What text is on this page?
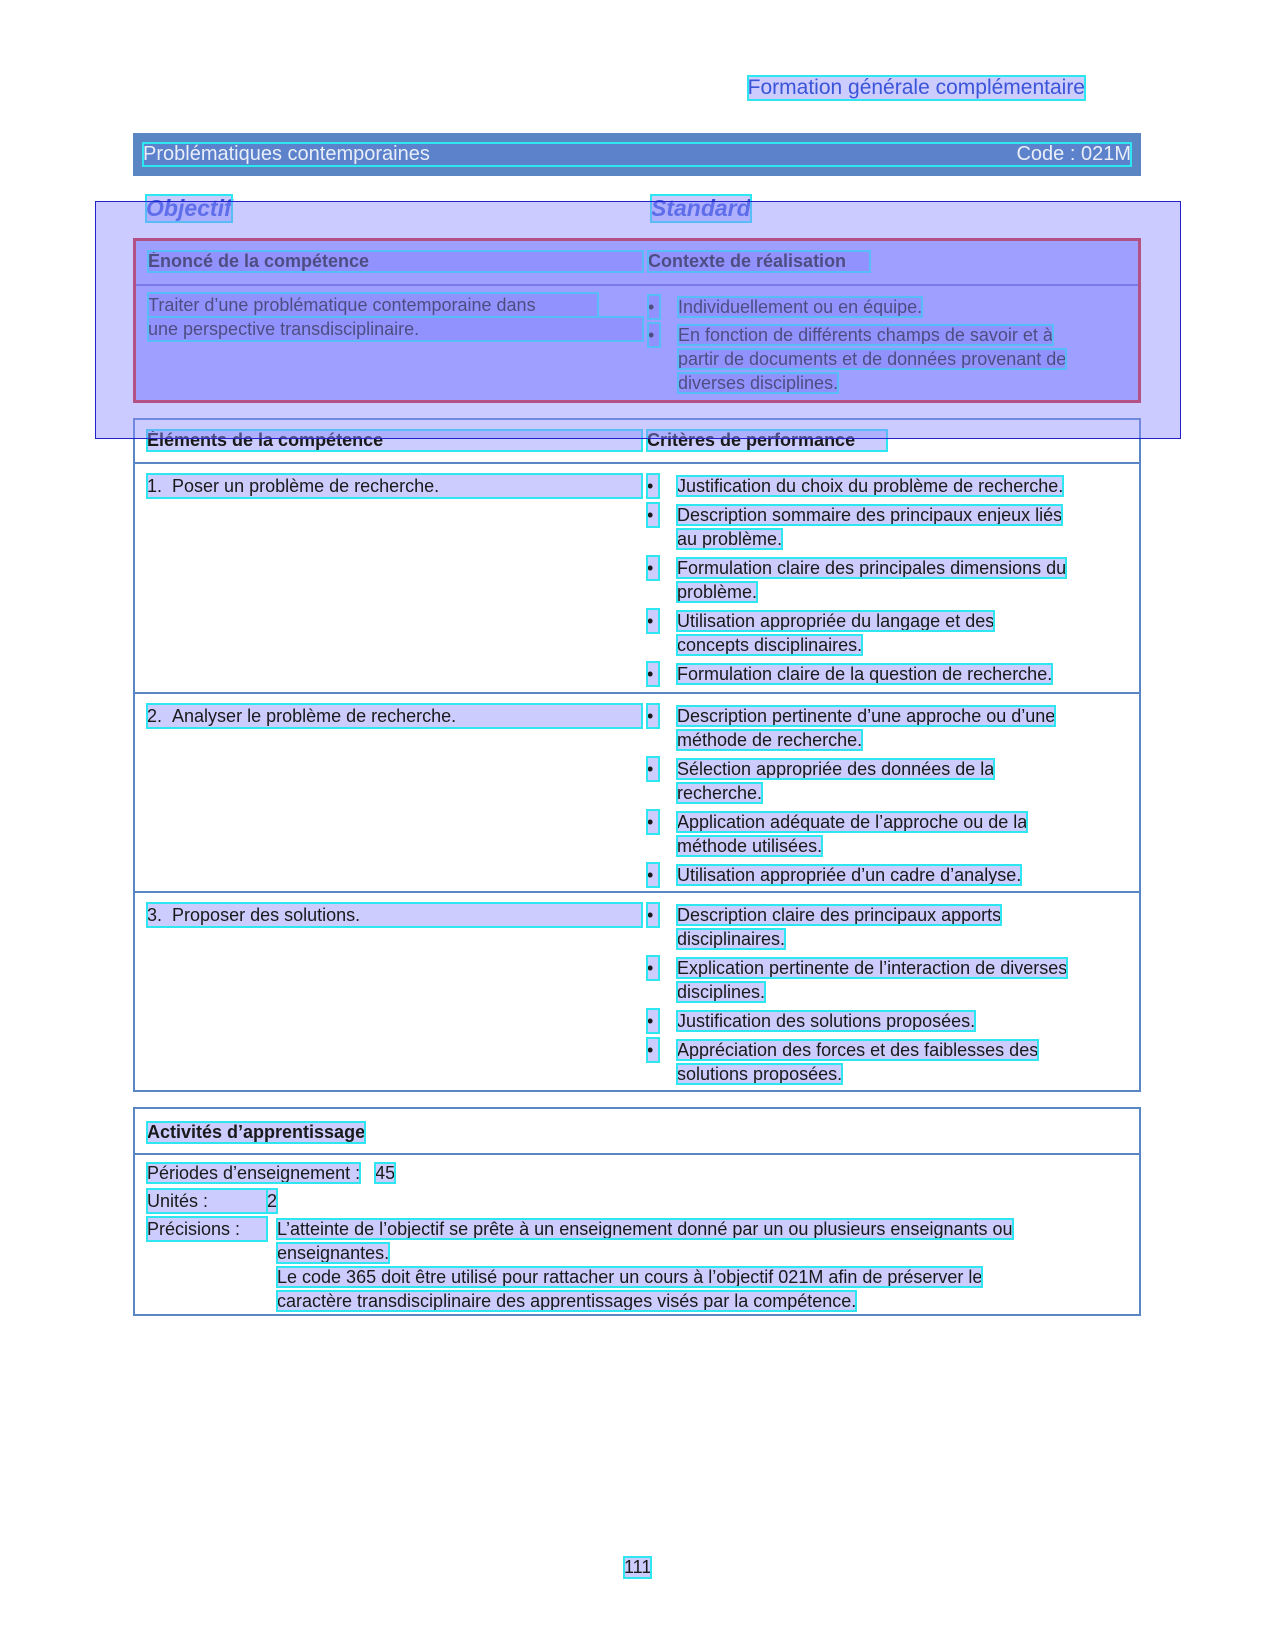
Formation générale complémentaire
Problématiques contemporaines	Code : 021M
Objectif	Standard
Énoncé de la compétence	Contexte de réalisation
Traiter d’une problématique contemporaine dans
une perspective transdisciplinaire.
•	Individuellement ou en équipe.
•	En fonction de différents champs de savoir et à
partir de documents et de données provenant de
diverses disciplines.
Éléments de la compétence	Critères de performance
1. Poser un problème de recherche.	•	Justification du choix du problème de recherche.
•	Description sommaire des principaux enjeux liés
au problème.
•	Formulation claire des principales dimensions du
problème.
•	Utilisation appropriée du langage et des
concepts disciplinaires.
•	Formulation claire de la question de recherche.
2. Analyser le problème de recherche.	•	Description pertinente d’une approche ou d’une
méthode de recherche.
•	Sélection appropriée des données de la
recherche.
•	Application adéquate de l’approche ou de la
méthode utilisées.
•	Utilisation appropriée d’un cadre d’analyse.
3. Proposer des solutions.	•	Description claire des principaux apports
disciplinaires.
•	Explication pertinente de l’interaction de diverses
disciplines.
•	Justification des solutions proposées.
•	Appréciation des forces et des faiblesses des
solutions proposées.
Activités d’apprentissage
Périodes d’enseignement : 45
Unités :	2
Précisions :	L’atteinte de l’objectif se prête à un enseignement donné par un ou plusieurs enseignants ou
enseignantes.
Le code 365 doit être utilisé pour rattacher un cours à l’objectif 021M afin de préserver le
caractère transdisciplinaire des apprentissages visés par la compétence.
111
